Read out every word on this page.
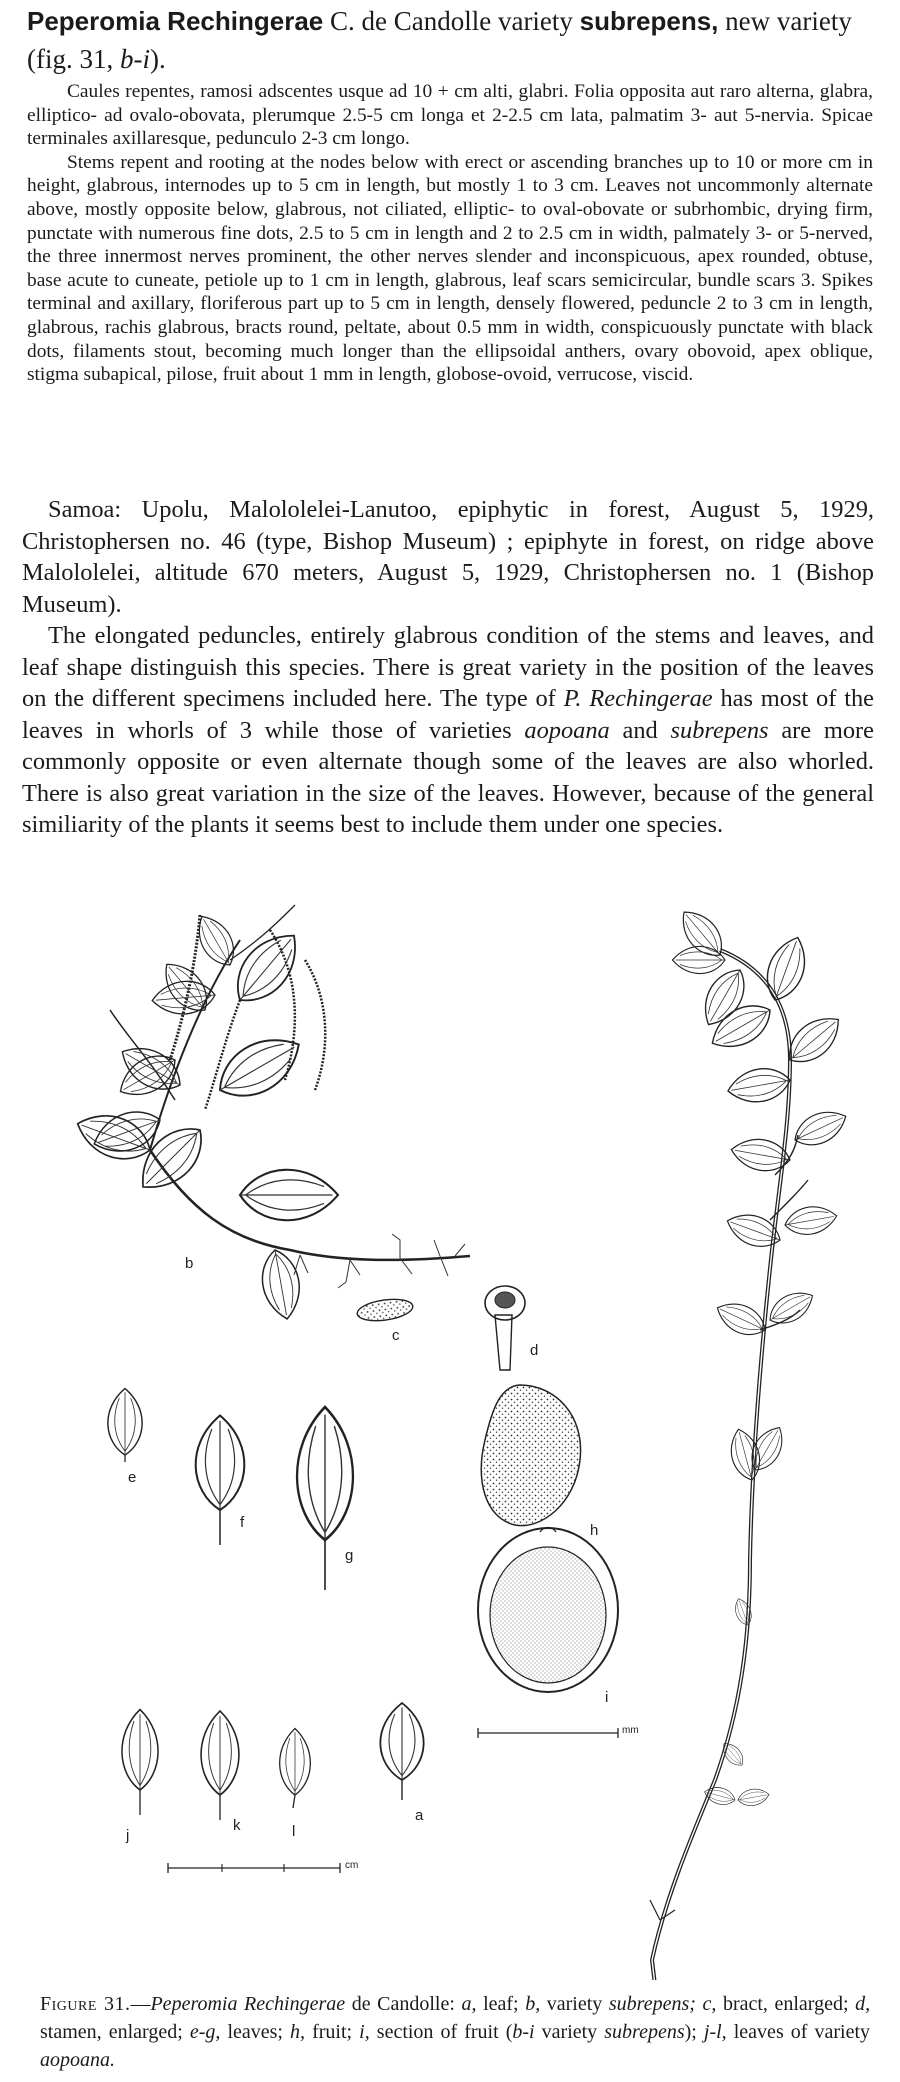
Peperomia Rechingerae C. de Candolle variety subrepens, new variety (fig. 31, b-i).

Caules repentes, ramosi adscentes usque ad 10 + cm alti, glabri. Folia opposita aut raro alterna, glabra, elliptico- ad ovalo-obovata, plerumque 2.5-5 cm longa et 2-2.5 cm lata, palmatim 3- aut 5-nervia. Spicae terminales axillaresque, pedunculo 2-3 cm longo.

Stems repent and rooting at the nodes below with erect or ascending branches up to 10 or more cm in height, glabrous, internodes up to 5 cm in length, but mostly 1 to 3 cm. Leaves not uncommonly alternate above, mostly opposite below, glabrous, not ciliated, elliptic- to oval-obovate or subrhombic, drying firm, punctate with numerous fine dots, 2.5 to 5 cm in length and 2 to 2.5 cm in width, palmately 3- or 5-nerved, the three innermost nerves prominent, the other nerves slender and inconspicuous, apex rounded, obtuse, base acute to cuneate, petiole up to 1 cm in length, glabrous, leaf scars semicircular, bundle scars 3. Spikes terminal and axillary, floriferous part up to 5 cm in length, densely flowered, peduncle 2 to 3 cm in length, glabrous, rachis glabrous, bracts round, peltate, about 0.5 mm in width, conspicuously punctate with black dots, filaments stout, becoming much longer than the ellipsoidal anthers, ovary obovoid, apex oblique, stigma subapical, pilose, fruit about 1 mm in length, globose-ovoid, verrucose, viscid.

Samoa: Upolu, Malololelei-Lanutoo, epiphytic in forest, August 5, 1929, Christophersen no. 46 (type, Bishop Museum) ; epiphyte in forest, on ridge above Malololelei, altitude 670 meters, August 5, 1929, Christophersen no. 1 (Bishop Museum).

The elongated peduncles, entirely glabrous condition of the stems and leaves, and leaf shape distinguish this species. There is great variety in the position of the leaves on the different specimens included here. The type of P. Rechingerae has most of the leaves in whorls of 3 while those of varieties aopoana and subrepens are more commonly opposite or even alternate though some of the leaves are also whorled. There is also great variation in the size of the leaves. However, because of the general similiarity of the plants it seems best to include them under one species.

b
c
d
e
f
g
h
i
mm
j
k	l
a
cm
Figure 31.—Peperomia Rechingerae de Candolle: a, leaf; b, variety subrepens; c, bract, enlarged; d, stamen, enlarged; e-g, leaves; h, fruit; i, section of fruit (b-i variety subrepens); j-l, leaves of variety aopoana.
